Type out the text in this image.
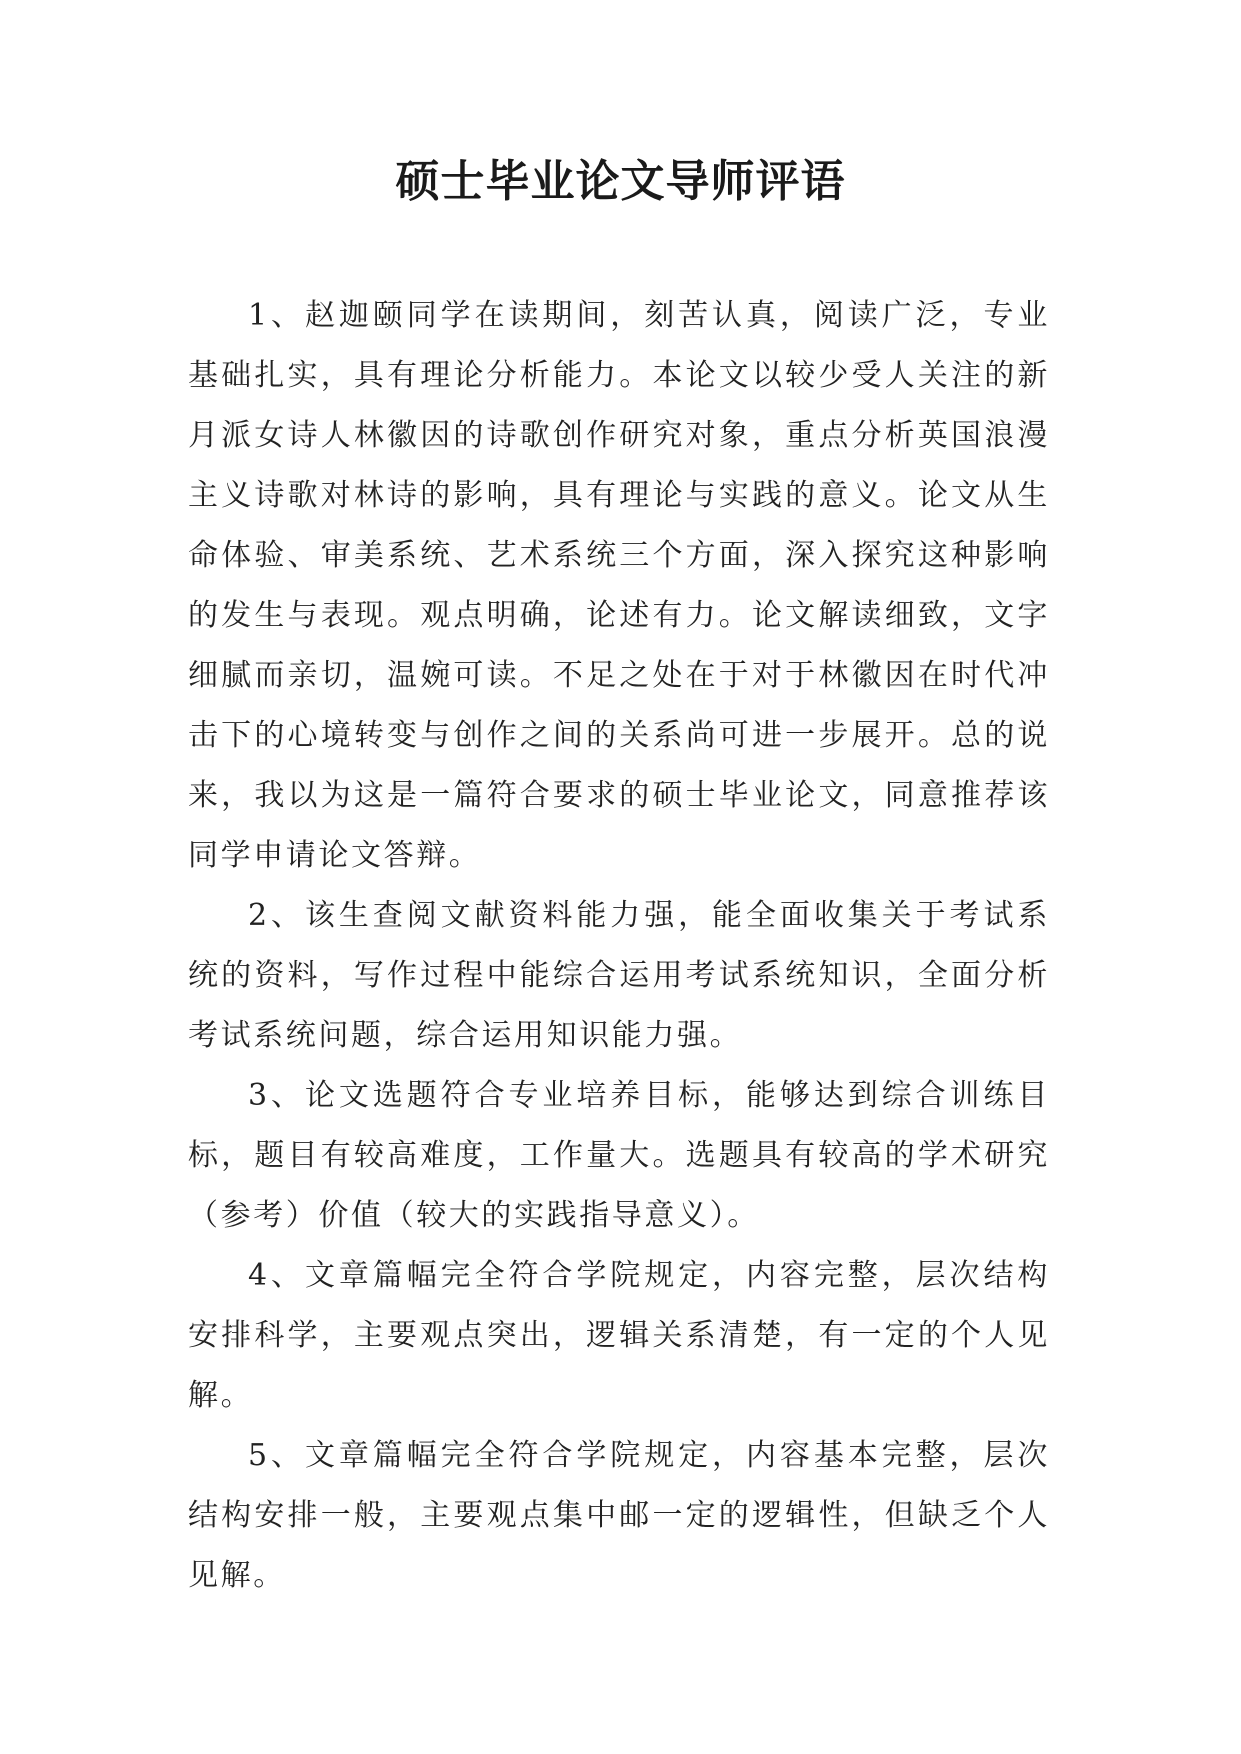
硕士毕业论文导师评语

1、赵迦颐同学在读期间，刻苦认真，阅读广泛，专业基础扎实，具有理论分析能力。本论文以较少受人关注的新月派女诗人林徽因的诗歌创作研究对象，重点分析英国浪漫主义诗歌对林诗的影响，具有理论与实践的意义。论文从生命体验、审美系统、艺术系统三个方面，深入探究这种影响的发生与表现。观点明确，论述有力。论文解读细致，文字细腻而亲切，温婉可读。不足之处在于对于林徽因在时代冲击下的心境转变与创作之间的关系尚可进一步展开。总的说来，我以为这是一篇符合要求的硕士毕业论文，同意推荐该同学申请论文答辩。

2、该生查阅文献资料能力强，能全面收集关于考试系统的资料，写作过程中能综合运用考试系统知识，全面分析考试系统问题，综合运用知识能力强。

3、论文选题符合专业培养目标，能够达到综合训练目标，题目有较高难度，工作量大。选题具有较高的学术研究（参考）价值（较大的实践指导意义）。

4、文章篇幅完全符合学院规定，内容完整，层次结构安排科学，主要观点突出，逻辑关系清楚，有一定的个人见解。

5、文章篇幅完全符合学院规定，内容基本完整，层次结构安排一般，主要观点集中邮一定的逻辑性，但缺乏个人见解。
